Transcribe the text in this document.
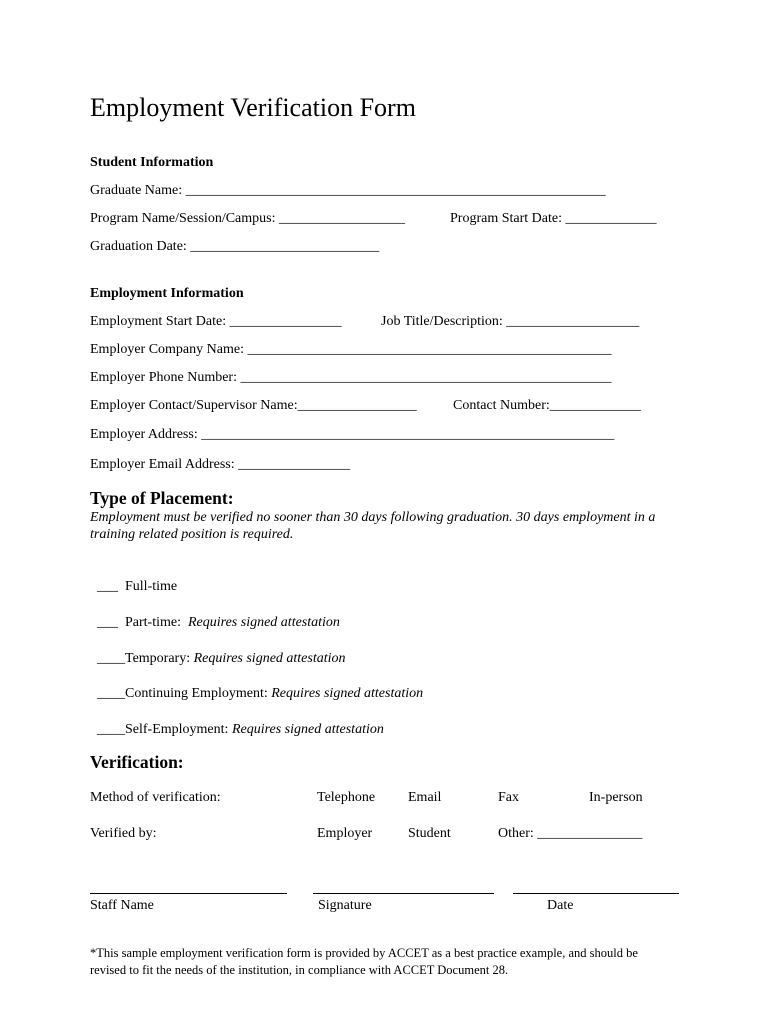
Employment Verification Form
Student Information
Graduate Name: ____________________________________________________________
Program Name/Session/Campus: __________________	Program Start Date: _____________
Graduation Date: ___________________________
Employment Information
Employment Start Date: ________________	Job Title/Description: ___________________
Employer Company Name: ____________________________________________________
Employer Phone Number: _____________________________________________________
Employer Contact/Supervisor Name:_________________	Contact Number:_____________
Employer Address: ___________________________________________________________
Employer Email Address: ________________
Type of Placement:
Employment must be verified no sooner than 30 days following graduation. 30 days employment in a training related position is required.

___ Full-time

___ Part-time: Requires signed attestation

____Temporary: Requires signed attestation

____Continuing Employment: Requires signed attestation

____Self-Employment: Requires signed attestation

Verification:
Method of verification:	Telephone Email	Fax	In-person
Verified by:	Employer	Student	Other: _______________
Staff Name	Signature	Date
*This sample employment verification form is provided by ACCET as a best practice example, and should be revised to fit the needs of the institution, in compliance with ACCET Document 28.
